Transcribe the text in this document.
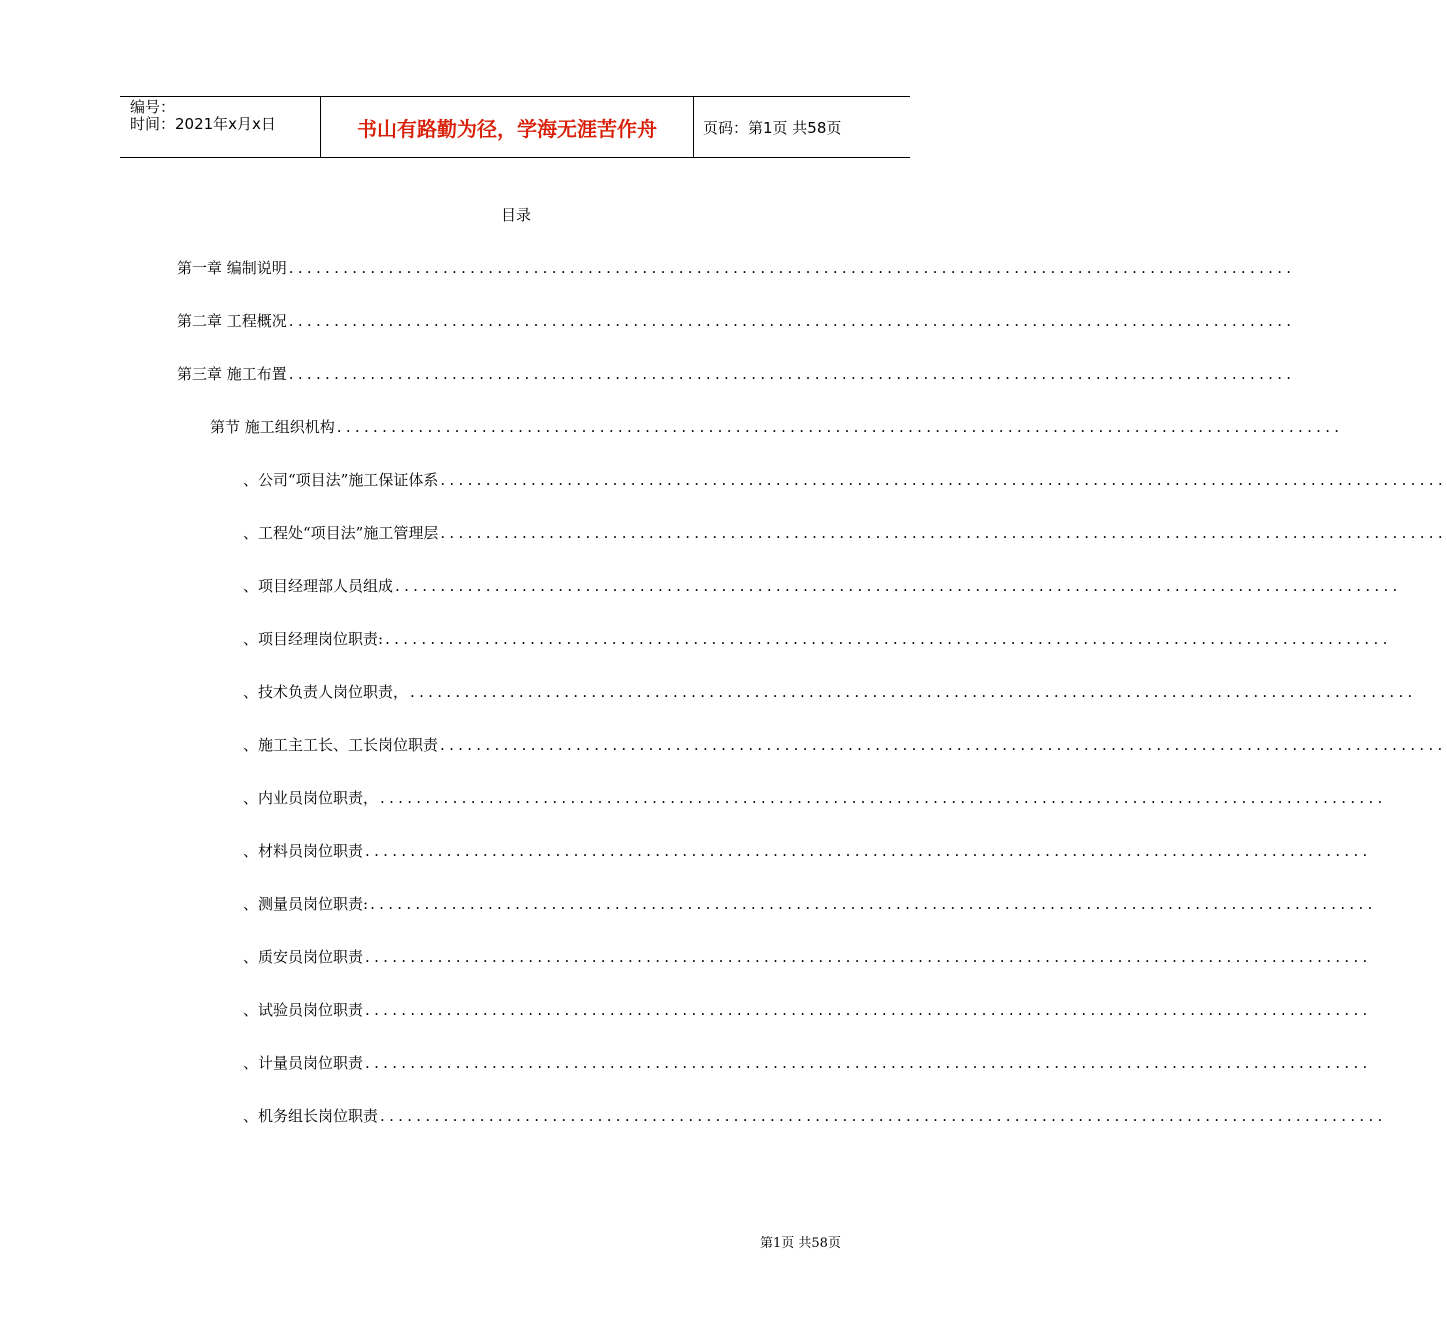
编号：
时间：2021年x月x日	书山有路勤为径，学海无涯苦作舟	页码：第1页 共58页
目录
第一章 编制说明 ...............................................................................................................
第二章 工程概况 ...............................................................................................................
第三章 施工布置 ...............................................................................................................
第节 施工组织机构 ...............................................................................................................
、 公司“项目法”施工保证体系 ...............................................................................................................
、 工程处“项目法”施工管理层 ...............................................................................................................
、 项目经理部人员组成 ...............................................................................................................
、 项目经理岗位职责: ...............................................................................................................
、 技术负责人岗位职责， ...............................................................................................................
、 施工主工长、工长岗位职责 ...............................................................................................................
、 内业员岗位职责， ...............................................................................................................
、 材料员岗位职责 ...............................................................................................................
、 测量员岗位职责: ...............................................................................................................
、 质安员岗位职责 ...............................................................................................................
、 试验员岗位职责 ...............................................................................................................
、 计量员岗位职责 ...............................................................................................................
、 机务组长岗位职责 ...............................................................................................................
第1页 共58页
